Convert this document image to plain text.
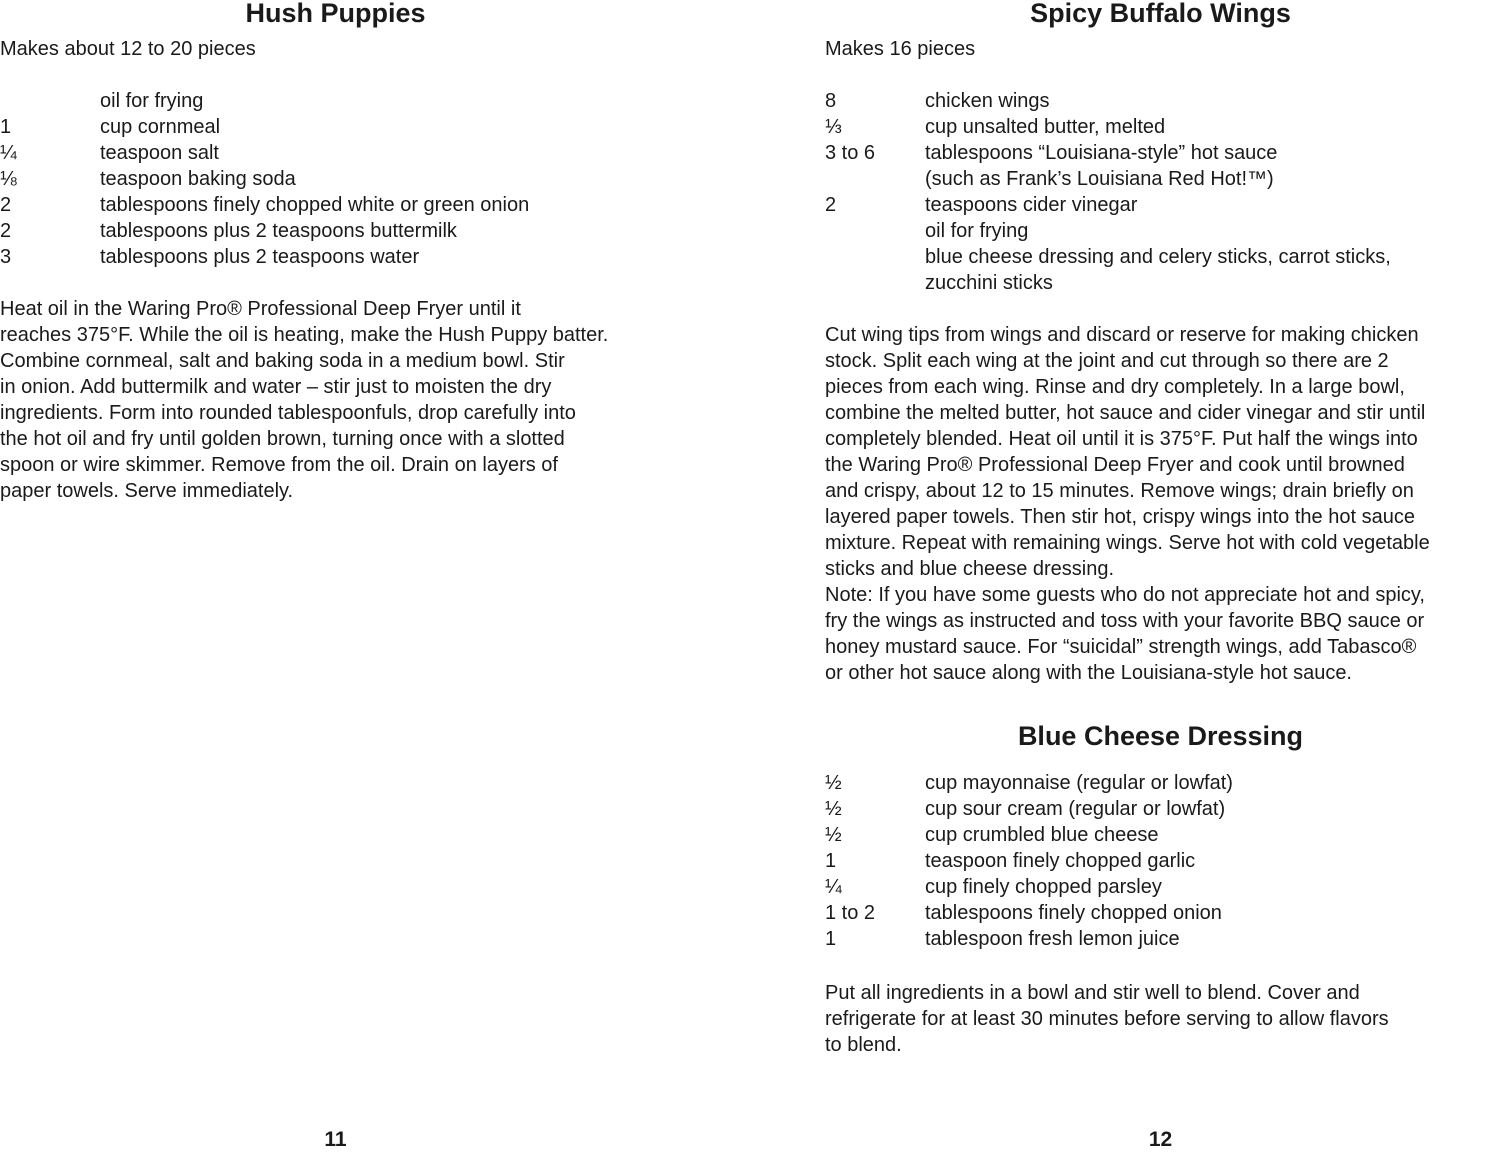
Hush Puppies
Makes about 12 to 20 pieces
oil for frying
1	cup cornmeal
¼	teaspoon salt
⅛	teaspoon baking soda
2	tablespoons finely chopped white or green onion
2	tablespoons plus 2 teaspoons buttermilk
3	tablespoons plus 2 teaspoons water
Heat oil in the Waring Pro® Professional Deep Fryer until it
reaches 375°F. While the oil is heating, make the Hush Puppy batter.
Combine cornmeal, salt and baking soda in a medium bowl. Stir
in onion. Add buttermilk and water – stir just to moisten the dry
ingredients. Form into rounded tablespoonfuls, drop carefully into
the hot oil and fry until golden brown, turning once with a slotted
spoon or wire skimmer. Remove from the oil. Drain on layers of
paper towels. Serve immediately.
11
Spicy Buffalo Wings
Makes 16 pieces
8	chicken wings
⅓	cup unsalted butter, melted
3 to 6 tablespoons “Louisiana-style” hot sauce
(such as Frank’s Louisiana Red Hot!™)
2	teaspoons cider vinegar
oil for frying
blue cheese dressing and celery sticks, carrot sticks,
zucchini sticks
Cut wing tips from wings and discard or reserve for making chicken
stock. Split each wing at the joint and cut through so there are 2
pieces from each wing. Rinse and dry completely. In a large bowl,
combine the melted butter, hot sauce and cider vinegar and stir until
completely blended. Heat oil until it is 375°F. Put half the wings into
the Waring Pro® Professional Deep Fryer and cook until browned
and crispy, about 12 to 15 minutes. Remove wings; drain briefly on
layered paper towels. Then stir hot, crispy wings into the hot sauce
mixture. Repeat with remaining wings. Serve hot with cold vegetable
sticks and blue cheese dressing.
Note: If you have some guests who do not appreciate hot and spicy,
fry the wings as instructed and toss with your favorite BBQ sauce or
honey mustard sauce. For “suicidal” strength wings, add Tabasco®
or other hot sauce along with the Louisiana-style hot sauce.
Blue Cheese Dressing
½	cup mayonnaise (regular or lowfat)
½	cup sour cream (regular or lowfat)
½	cup crumbled blue cheese
1	teaspoon finely chopped garlic
¼	cup finely chopped parsley
1 to 2 tablespoons finely chopped onion
1	tablespoon fresh lemon juice
Put all ingredients in a bowl and stir well to blend. Cover and
refrigerate for at least 30 minutes before serving to allow flavors
to blend.
12
